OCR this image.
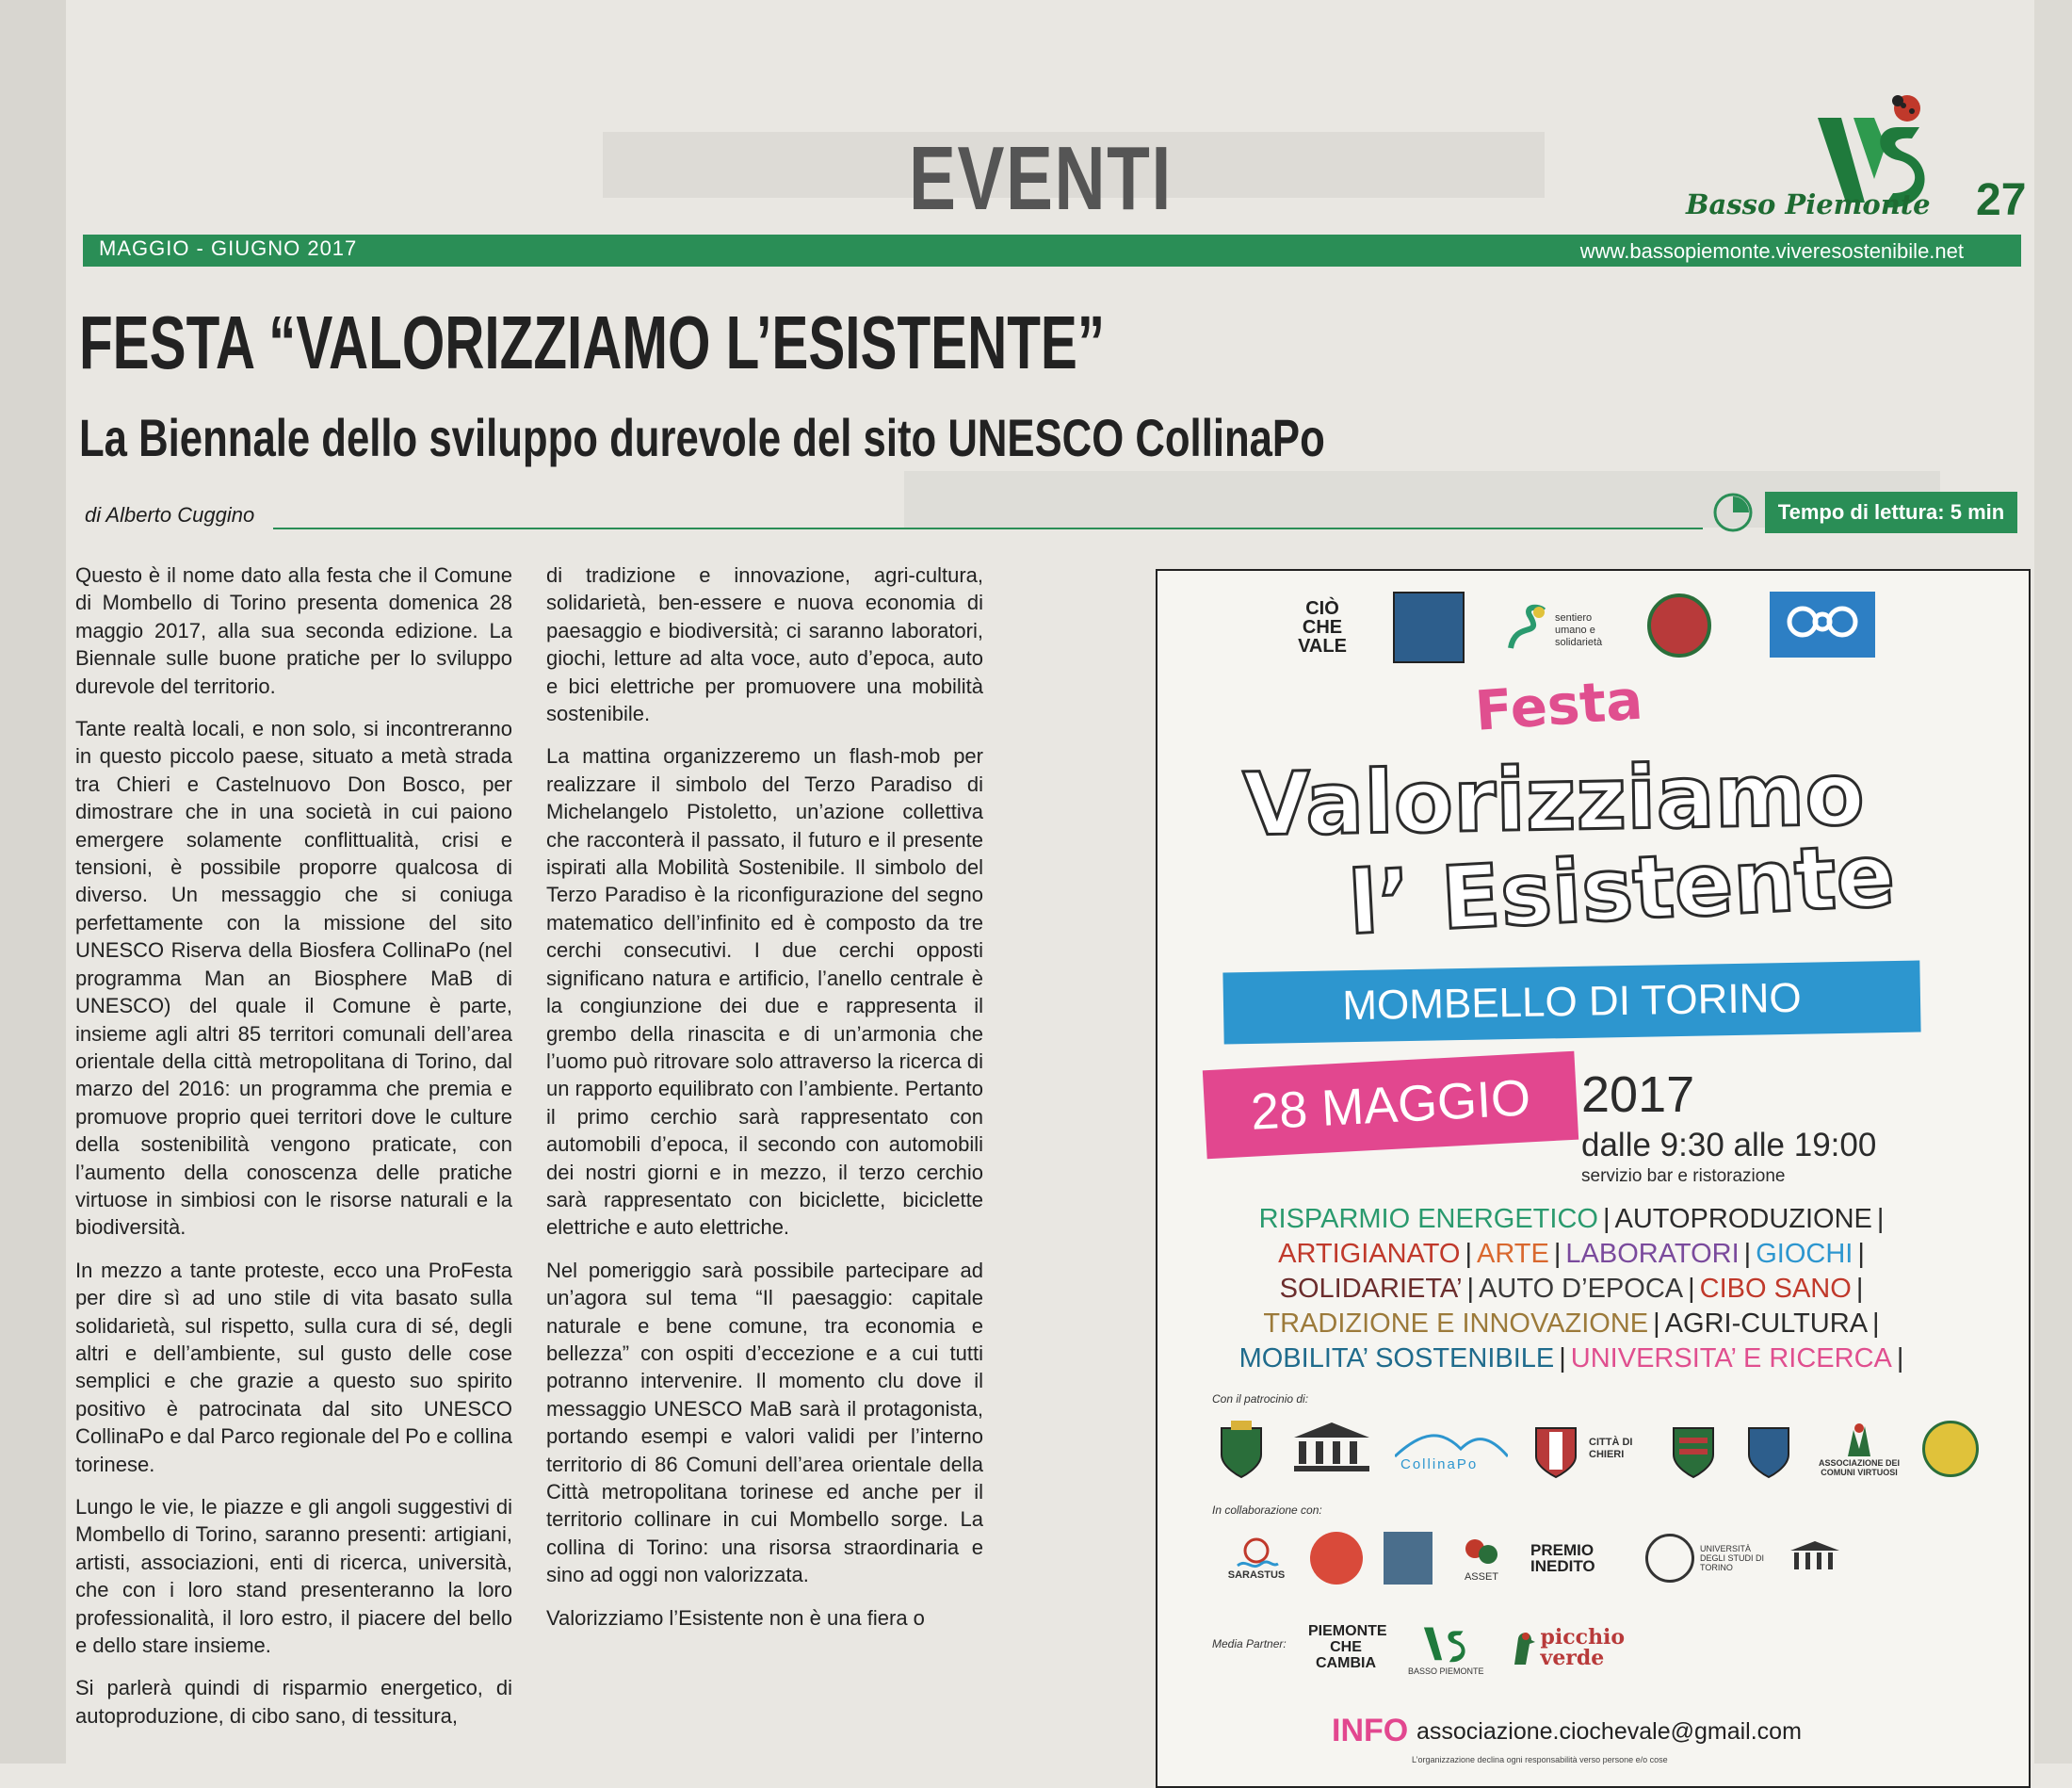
EVENTI	Basso Piemonte 27
MAGGIO - GIUGNO 2017	www.bassopiemonte.viveresostenibile.net
FESTA “VALORIZZIAMO L’ESISTENTE”
La Biennale dello sviluppo durevole del sito UNESCO CollinaPo
di Alberto Cuggino	Tempo di lettura: 5 min

Questo è il nome dato alla festa che il Comune di Mombello di Torino presenta domenica 28 maggio 2017, alla sua seconda edizione. La Biennale sulle buone pratiche per lo sviluppo durevole del territorio.

Tante realtà locali, e non solo, si incontreranno in questo piccolo paese, situato a metà strada tra Chieri e Castelnuovo Don Bosco, per dimostrare che in una società in cui paiono emergere solamente conflittualità, crisi e tensioni, è possibile proporre qualcosa di diverso. Un messaggio che si coniuga perfettamente con la missione del sito UNESCO Riserva della Biosfera CollinaPo (nel programma Man an Biosphere MaB di UNESCO) del quale il Comune è parte, insieme agli altri 85 territori comunali dell’area orientale della città metropolitana di Torino, dal marzo del 2016: un programma che premia e promuove proprio quei territori dove le culture della sostenibilità vengono praticate, con l’aumento della conoscenza delle pratiche virtuose in simbiosi con le risorse naturali e la biodiversità.

In mezzo a tante proteste, ecco una ProFesta per dire sì ad uno stile di vita basato sulla solidarietà, sul rispetto, sulla cura di sé, degli altri e dell’ambiente, sul gusto delle cose semplici e che grazie a questo suo spirito positivo è patrocinata dal sito UNESCO CollinaPo e dal Parco regionale del Po e collina torinese.

Lungo le vie, le piazze e gli angoli suggestivi di Mombello di Torino, saranno presenti: artigiani, artisti, associazioni, enti di ricerca, università, che con i loro stand presenteranno la loro professionalità, il loro estro, il piacere del bello e dello stare insieme.

Si parlerà quindi di risparmio energetico, di autoproduzione, di cibo sano, di tessitura,

di tradizione e innovazione, agri-cultura, solidarietà, ben-essere e nuova economia di paesaggio e biodiversità; ci saranno laboratori, giochi, letture ad alta voce, auto d’epoca, auto e bici elettriche per promuovere una mobilità sostenibile.

La mattina organizzeremo un flash-mob per realizzare il simbolo del Terzo Paradiso di Michelangelo Pistoletto, un’azione collettiva che racconterà il passato, il futuro e il presente ispirati alla Mobilità Sostenibile. Il simbolo del Terzo Paradiso è la riconfigurazione del segno matematico dell’infinito ed è composto da tre cerchi consecutivi. I due cerchi opposti significano natura e artificio, l’anello centrale è la congiunzione dei due e rappresenta il grembo della rinascita e di un’armonia che l’uomo può ritrovare solo attraverso la ricerca di un rapporto equilibrato con l’ambiente. Pertanto il primo cerchio sarà rappresentato con automobili d’epoca, il secondo con automobili dei nostri giorni e in mezzo, il terzo cerchio sarà rappresentato con biciclette, biciclette elettriche e auto elettriche.

Nel pomeriggio sarà possibile partecipare ad un’agora sul tema “Il paesaggio: capitale naturale e bene comune, tra economia e bellezza” con ospiti d’eccezione e a cui tutti potranno intervenire. Il momento clu dove il messaggio UNESCO MaB sarà il protagonista, portando esempi e valori validi per l’interno territorio di 86 Comuni dell’area orientale della Città metropolitana torinese ed anche per il territorio collinare in cui Mombello sorge. La collina di Torino: una risorsa straordinaria e sino ad oggi non valorizzata.

Valorizziamo l’Esistente non è una fiera o

CIÒ CHE VALE
sentiero umano e solidarietà
Festa
Valorizziamo
l’ Esistente
MOMBELLO DI TORINO
28 MAGGIO 2017
dalle 9:30 alle 19:00
servizio bar e ristorazione
RISPARMIO ENERGETICO | AUTOPRODUZIONE |
ARTIGIANATO | ARTE | LABORATORI | GIOCHI |
SOLIDARIETA’ | AUTO D’EPOCA | CIBO SANO |
TRADIZIONE E INNOVAZIONE | AGRI-CULTURA |
MOBILITA’ SOSTENIBILE | UNIVERSITA’ E RICERCA |
Con il patrocinio di:
CollinaPo
CITTÀ DI CHIERI
ASSOCIAZIONE DEI COMUNI VIRTUOSI
In collaborazione con:
SARASTUS	ASSET
PREMIO INEDITO
UNIVERSITÀ DEGLI STUDI DI TORINO
Media Partner:
PIEMONTE CHE CAMBIA	BASSO PIEMONTE
picchio verde
INFO associazione.ciochevale@gmail.com
L’organizzazione declina ogni responsabilità verso persone e/o cose
